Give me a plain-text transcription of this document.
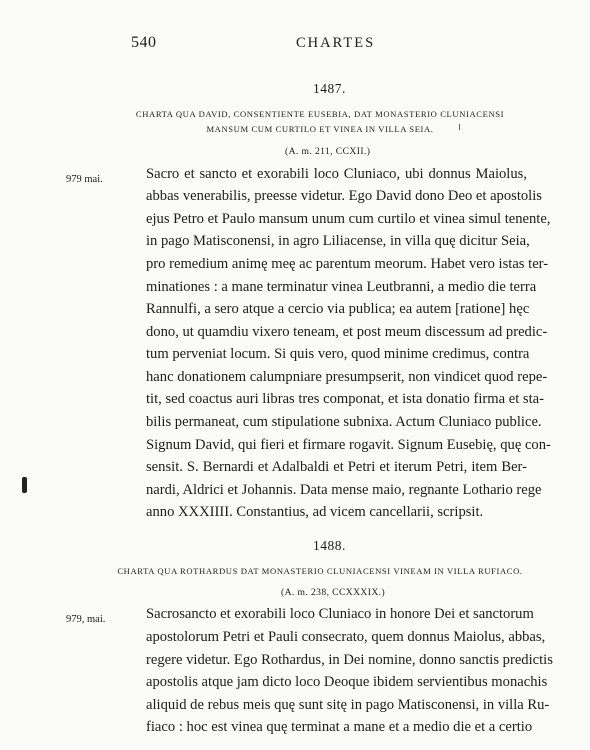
540	CHARTES
1487.
CHARTA QUA DAVID, CONSENTIENTE EUSEBIA, DAT MONASTERIO CLUNIACENSI
MANSUM CUM CURTILO ET VINEA IN VILLA SEIA.
(A. m. 211, CCXII.)
979 mai.	Sacro et sancto et exorabili loco Cluniaco, ubi donnus Maiolus,
abbas venerabilis, preesse videtur. Ego David dono Deo et apostolis
ejus Petro et Paulo mansum unum cum curtilo et vinea simul tenente,
in pago Matisconensi, in agro Liliacense, in villa quę dicitur Seia,
pro remedium animę meę ac parentum meorum. Habet vero istas ter-
minationes : a mane terminatur vinea Leutbranni, a medio die terra
Rannulfi, a sero atque a cercio via publica; ea autem [ratione] hęc
dono, ut quamdiu vixero teneam, et post meum discessum ad predic-
tum perveniat locum. Si quis vero, quod minime credimus, contra
hanc donationem calumpniare presumpserit, non vindicet quod repe-
tit, sed coactus auri libras tres componat, et ista donatio firma et sta-
bilis permaneat, cum stipulatione subnixa. Actum Cluniaco publice.
Signum David, qui fieri et firmare rogavit. Signum Eusebię, quę con-
sensit. S. Bernardi et Adalbaldi et Petri et iterum Petri, item Ber-
nardi, Aldrici et Johannis. Data mense maio, regnante Lothario rege
anno XXXIIII. Constantius, ad vicem cancellarii, scripsit.
1488.
CHARTA QUA ROTHARDUS DAT MONASTERIO CLUNIACENSI VINEAM IN VILLA RUFIACO.
(A. m. 238, CCXXXIX.)
979, mai.	Sacrosancto et exorabili loco Cluniaco in honore Dei et sanctorum
apostolorum Petri et Pauli consecrato, quem donnus Maiolus, abbas,
regere videtur. Ego Rothardus, in Dei nomine, donno sanctis predictis
apostolis atque jam dicto loco Deoque ibidem servientibus monachis
aliquid de rebus meis quę sunt sitę in pago Matisconensi, in villa Ru-
fiaco : hoc est vinea quę terminat a mane et a medio die et a certio
